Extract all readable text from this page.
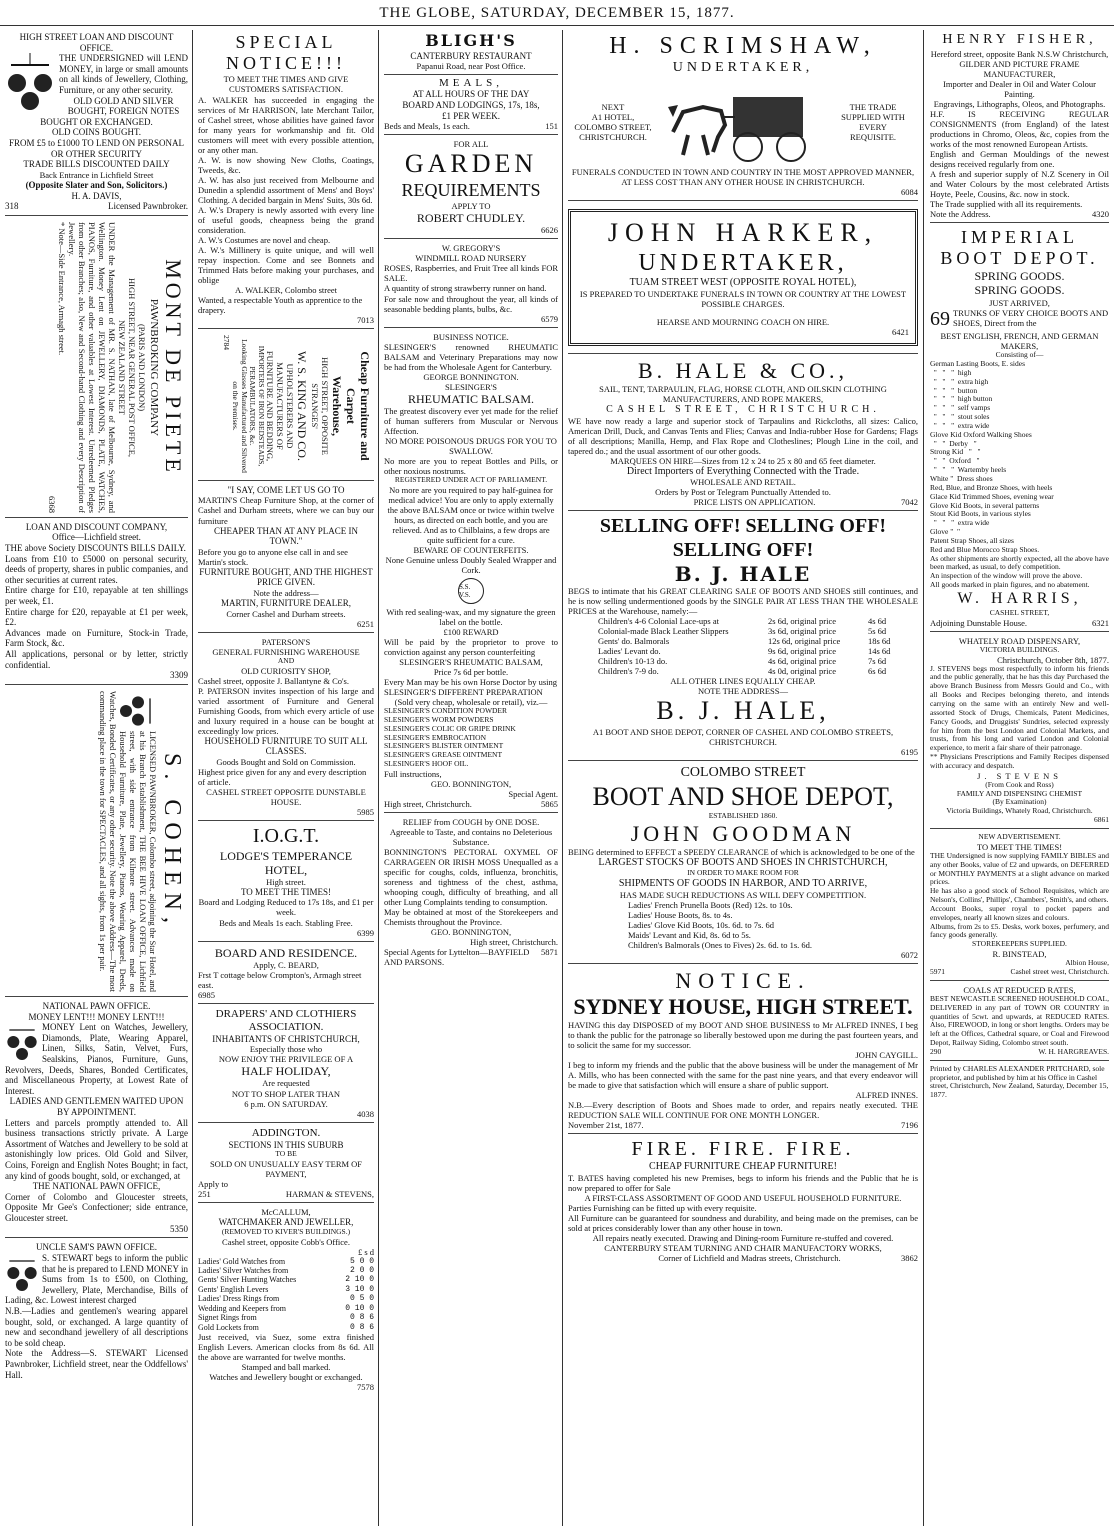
THE GLOBE, SATURDAY, DECEMBER 15, 1877.
HIGH STREET LOAN AND DISCOUNT OFFICE.
THE UNDERSIGNED will LEND MONEY, in large or small amounts on all kinds of Jewellery, Clothing, Furniture, or any other security.
OLD GOLD AND SILVER BOUGHT, FOREIGN NOTES BOUGHT OR EXCHANGED.
OLD COINS BOUGHT.
FROM £5 to £1000 TO LEND ON PERSONAL OR OTHER SECURITY
TRADE BILLS DISCOUNTED DAILY
Back Entrance in Lichfield Street
(Opposite Slater and Son, Solicitors.)
H. A. DAVIS,
318	Licensed Pawnbroker.
MONT DE PIETE
PAWNBROKING COMPANY
(PARIS AND LONDON)
HIGH STREET, NEAR GENERAL POST OFFICE,
NEW ZEALAND STREET
UNDER the Management of MR. S. NATHAN, late of Melbourne, Sydney, and Wellington. Money Lent on JEWELLERY, DIAMONDS, PLATE, WATCHES, PIANOS, Furniture, and other valuables at Lowest Interest. Unredeemed Pledges from other Branches; also, New and Second-hand Clothing and every Description of Jewellery.
* Note—Side Entrance, Armagh street.
6368
LOAN AND DISCOUNT COMPANY,
Office—Lichfield street.
THE above Society DISCOUNTS BILLS DAILY.
Loans from £10 to £5000 on personal security, deeds of property, shares in public companies, and other securities at current rates.
Entire charge for £10, repayable at ten shillings per week, £1.
Entire charge for £20, repayable at £1 per week, £2.
Advances made on Furniture, Stock-in Trade, Farm Stock, &c.
All applications, personal or by letter, strictly confidential.
3309
S. COHEN,
LICENSED PAWNBROKER, Colombo street, adjoining the Star Hotel, and at his Branch Establishment, THE BEE HIVE LOAN OFFICE, Lichfield street, with side entrance from Kilmore street. Advances made on Household Furniture, Plate, Jewellery, Pianos, Wearing Apparel, Deeds, Watches, Bonded Certificates, or any other security. Note the above Address—The most commanding place in the town for SPECTACLES, and all sights, from 1s per pair.
NATIONAL PAWN OFFICE.
MONEY LENT!!! MONEY LENT!!!
MONEY Lent on Watches, Jewellery, Diamonds, Plate, Wearing Apparel, Linen, Silks, Satin, Velvet, Furs, Sealskins, Pianos, Furniture, Guns, Revolvers, Deeds, Shares, Bonded Certificates, and Miscellaneous Property, at Lowest Rate of Interest.
LADIES AND GENTLEMEN WAITED UPON BY APPOINTMENT.
Letters and parcels promptly attended to. All business transactions strictly private. A Large Assortment of Watches and Jewellery to be sold at astonishingly low prices. Old Gold and Silver, Coins, Foreign and English Notes Bought; in fact, any kind of goods bought, sold, or exchanged, at
THE NATIONAL PAWN OFFICE,
Corner of Colombo and Gloucester streets, Opposite Mr Gee's Confectioner; side entrance, Gloucester street.
5350
UNCLE SAM'S PAWN OFFICE.
S. STEWART begs to inform the public that he is prepared to LEND MONEY in Sums from 1s to £500, on Clothing, Jewellery, Plate, Merchandise, Bills of Lading, &c. Lowest interest charged
N.B.—Ladies and gentlemen's wearing apparel bought, sold, or exchanged. A large quantity of new and secondhand jewellery of all descriptions to be sold cheap.
Note the Address—S. STEWART Licensed Pawnbroker, Lichfield street, near the Oddfellows' Hall.
SPECIAL NOTICE!!!
TO MEET THE TIMES AND GIVE CUSTOMERS SATISFACTION.
A. WALKER has succeeded in engaging the services of Mr HARRISON, late Merchant Tailor, of Cashel street, whose abilities have gained favor for many years for workmanship and fit. Old customers will meet with every possible attention, or any other man.
A. W. is now showing New Cloths, Coatings, Tweeds, &c.
A. W. has also just received from Melbourne and Dunedin a splendid assortment of Mens' and Boys' Clothing. A decided bargain in Mens' Suits, 30s 6d.
A. W.'s Drapery is newly assorted with every line of useful goods, cheapness being the grand consideration.
A. W.'s Costumes are novel and cheap.
A. W.'s Millinery is quite unique, and will well repay inspection. Come and see Bonnets and Trimmed Hats before making your purchases, and oblige
A. WALKER, Colombo street
Wanted, a respectable Youth as apprentice to the drapery.
7013
Cheap Furniture and Carpet
Warehouse,
HIGH STREET, OPPOSITE STRANGES'
W. S. KING AND CO.
UPHOLSTERERS AND MANUFACTURERS OF
FURNITURE AND BEDDING,
IMPORTERS OF IRON BEDSTEADS, PERAMBULATORS, &c.
Looking Glasses Manufactured and Silvered on the Premises.
2784
"I SAY, COME LET US GO TO
MARTIN'S Cheap Furniture Shop, at the corner of Cashel and Durham streets, where we can buy our furniture
CHEAPER THAN AT ANY PLACE IN TOWN."
Before you go to anyone else call in and see Martin's stock.
FURNITURE BOUGHT, AND THE HIGHEST PRICE GIVEN.
Note the address—
MARTIN, FURNITURE DEALER,
Corner Cashel and Durham streets.
6251
PATERSON'S
GENERAL FURNISHING WAREHOUSE
AND
OLD CURIOSITY SHOP,
Cashel street, opposite J. Ballantyne & Co's.
P. PATERSON invites inspection of his large and varied assortment of Furniture and General Furnishing Goods, from which every article of use and luxury required in a house can be bought at exceedingly low prices.
HOUSEHOLD FURNITURE TO SUIT ALL CLASSES.
Goods Bought and Sold on Commission.
Highest price given for any and every description of article.
CASHEL STREET OPPOSITE DUNSTABLE HOUSE.
5985
I.O.G.T.
LODGE'S TEMPERANCE HOTEL,
High street.
TO MEET THE TIMES!
Board and Lodging Reduced to 17s 18s, and £1 per week.
Beds and Meals 1s each. Stabling Free.
6399
BOARD AND RESIDENCE.
Apply, C. BEARD,
Frst T cottage below Crompton's, Armagh street east.
6985
DRAPERS' AND CLOTHIERS ASSOCIATION.
INHABITANTS OF CHRISTCHURCH,
Especially those who
NOW ENJOY THE PRIVILEGE OF A
HALF HOLIDAY,
Are requested
NOT TO SHOP LATER THAN
6 p.m. ON SATURDAY.
4038
ADDINGTON.
SECTIONS IN THIS SUBURB
TO BE
SOLD ON UNUSUALLY EASY TERM OF PAYMENT,
Apply to
251	HARMAN & STEVENS,
McCALLUM,
WATCHMAKER AND JEWELLER,
(REMOVED TO KIVER'S BUILDINGS.)
Cashel street, opposite Cobb's Office.
£ s d
Ladies' Gold Watches from	5 0 0
Ladies' Silver Watches from	2 0 0
Gents' Silver Hunting Watches	2 10 0
Gents' English Levers	3 10 0
Ladies' Dress Rings from	0 5 0
Wedding and Keepers from	0 10 0
Signet Rings from	0 8 6
Gold Lockets from	0 8 6
Just received, via Suez, some extra finished English Levers. American clocks from 8s 6d. All the above are warranted for twelve months.
Stamped and ball marked.
Watches and Jewellery bought or exchanged.
7578
BLIGH'S
CANTERBURY RESTAURANT
Papanui Road, near Post Office.
MEALS,
AT ALL HOURS OF THE DAY
BOARD AND LODGINGS, 17s, 18s,
£1 PER WEEK.
Beds and Meals, 1s each.	151
FOR ALL
GARDEN
REQUIREMENTS
APPLY TO
ROBERT CHUDLEY.
6626
W. GREGORY'S
WINDMILL ROAD NURSERY
ROSES, Raspberries, and Fruit Tree all kinds FOR SALE.
A quantity of strong strawberry runner on hand.
For sale now and throughout the year, all kinds of seasonable bedding plants, bulbs, &c.
6579
BUSINESS NOTICE.
SLESINGER'S renowned RHEUMATIC BALSAM and Veterinary Preparations may now be had from the Wholesale Agent for Canterbury.
GEORGE BONNINGTON.
SLESINGER'S
RHEUMATIC BALSAM.
The greatest discovery ever yet made for the relief of human sufferers from Muscular or Nervous Affection.
NO MORE POISONOUS DRUGS FOR YOU TO SWALLOW.
No more are you to repeat Bottles and Pills, or other noxious nostrums.
REGISTERED UNDER ACT OF PARLIAMENT.
No more are you required to pay half-guinea for medical advice! You are only to apply externally the above BALSAM once or twice within twelve hours, as directed on each bottle, and you are relieved. And as to Chilblains, a few drops are quite sufficient for a cure.
BEWARE OF COUNTERFEITS.
None Genuine unless Doubly Sealed Wrapper and Cork.
S.S. V.S.
With red sealing-wax, and my signature the green label on the bottle.
£100 REWARD
Will be paid by the proprietor to prove to conviction against any person counterfeiting
SLESINGER'S RHEUMATIC BALSAM,
Price 7s 6d per bottle.
Every Man may be his own Horse Doctor by using
SLESINGER'S DIFFERENT PREPARATION
(Sold very cheap, wholesale or retail), viz.—
SLESINGER'S CONDITION POWDER
SLESINGER'S WORM POWDERS
SLESINGER'S COLIC OR GRIPE DRINK
SLESINGER'S EMBROCATION
SLESINGER'S BLISTER OINTMENT
SLESINGER'S GREASE OINTMENT
SLESINGER'S HOOF OIL.
Full instructions,
GEO. BONNINGTON,
Special Agent.
High street, Christchurch.	5865
RELIEF from COUGH by ONE DOSE.
Agreeable to Taste, and contains no Deleterious Substance.
BONNINGTON'S PECTORAL OXYMEL OF CARRAGEEN OR IRISH MOSS Unequalled as a specific for coughs, colds, influenza, bronchitis, soreness and tightness of the chest, asthma, whooping cough, difficulty of breathing, and all other Lung Complaints tending to consumption.
May be obtained at most of the Storekeepers and Chemists throughout the Province.
GEO. BONNINGTON,
High street, Christchurch.
Special Agents for Lyttelton—BAYFIELD AND PARSONS.
5871
H. SCRIMSHAW,
UNDERTAKER,
NEXT
A1 HOTEL,
COLOMBO STREET,
CHRISTCHURCH.
THE TRADE
SUPPLIED WITH
EVERY
REQUISITE.
FUNERALS CONDUCTED IN TOWN AND COUNTRY IN THE MOST APPROVED MANNER, AT LESS COST THAN ANY OTHER HOUSE IN CHRISTCHURCH.
6084
JOHN HARKER,
UNDERTAKER,
TUAM STREET WEST (OPPOSITE ROYAL HOTEL),
IS PREPARED TO UNDERTAKE FUNERALS IN TOWN OR COUNTRY AT THE LOWEST POSSIBLE CHARGES.
HEARSE AND MOURNING COACH ON HIRE.
6421
B. HALE & CO.,
SAIL, TENT, TARPAULIN, FLAG, HORSE CLOTH, AND OILSKIN CLOTHING MANUFACTURERS, AND ROPE MAKERS,
CASHEL STREET, CHRISTCHURCH.
WE have now ready a large and superior stock of Tarpaulins and Rickcloths, all sizes: Calico, American Drill, Duck, and Canvas Tents and Flies; Canvas and India-rubber Hose for Gardens; Flags of all descriptions; Manilla, Hemp, and Flax Rope and Clotheslines; Plough Line in the coil, and tapered do.; and the usual assortment of our other goods.
MARQUEES ON HIRE—Sizes from 12 x 24 to 25 x 80 and 65 feet diameter.
Direct Importers of Everything Connected with the Trade.
WHOLESALE AND RETAIL.
Orders by Post or Telegram Punctually Attended to.
PRICE LISTS ON APPLICATION.	7042
SELLING OFF! SELLING OFF! SELLING OFF!
B. J. HALE
BEGS to intimate that his GREAT CLEARING SALE OF BOOTS AND SHOES still continues, and he is now selling undermentioned goods by the SINGLE PAIR AT LESS THAN THE WHOLESALE PRICES at the Warehouse, namely:—
Children's 4-6 Colonial Lace-ups at	2s 6d, original price	4s 6d
Colonial-made Black Leather Slippers	3s 6d, original price	5s 6d
Gents' do. Balmorals	12s 6d, original price	18s 6d
Ladies' Levant do.	9s 6d, original price	14s 6d
Children's 10-13 do.	4s 6d, original price	7s 6d
Children's 7-9 do.	4s 0d, original price	6s 6d
ALL OTHER LINES EQUALLY CHEAP.
NOTE THE ADDRESS—
B. J. HALE,
A1 BOOT AND SHOE DEPOT, CORNER OF CASHEL AND COLOMBO STREETS, CHRISTCHURCH.
6195
COLOMBO STREET
BOOT AND SHOE DEPOT,
ESTABLISHED 1860.
JOHN GOODMAN
BEING determined to EFFECT a SPEEDY CLEARANCE of which is acknowledged to be one of the
LARGEST STOCKS OF BOOTS AND SHOES IN CHRISTCHURCH,
IN ORDER TO MAKE ROOM FOR
SHIPMENTS OF GOODS IN HARBOR, AND TO ARRIVE,
HAS MADE SUCH REDUCTIONS AS WILL DEFY COMPETITION.
Ladies' French Prunella Boots (Red) 12s. to 10s.
Ladies' House Boots, 8s. to 4s.
Ladies' Glove Kid Boots, 10s. 6d. to 7s. 6d
Maids' Levant and Kid, 8s. 6d to 5s.
Children's Balmorals (Ones to Fives) 2s. 6d. to 1s. 6d.
6072
NOTICE.
SYDNEY HOUSE, HIGH STREET.
HAVING this day DISPOSED of my BOOT AND SHOE BUSINESS to Mr ALFRED INNES, I beg to thank the public for the patronage so liberally bestowed upon me during the past fourteen years, and to solicit the same for my successor.
JOHN CAYGILL.
I beg to inform my friends and the public that the above business will be under the management of Mr A. Mills, who has been connected with the same for the past nine years, and that every endeavor will be made to give that satisfaction which will ensure a share of public support.
ALFRED INNES.
N.B.—Every description of Boots and Shoes made to order, and repairs neatly executed. THE REDUCTION SALE WILL CONTINUE FOR ONE MONTH LONGER.
November 21st, 1877.	7196
FIRE. FIRE. FIRE.
CHEAP FURNITURE CHEAP FURNITURE!
T. BATES having completed his new Premises, begs to inform his friends and the Public that he is now prepared to offer for Sale
A FIRST-CLASS ASSORTMENT OF GOOD AND USEFUL HOUSEHOLD FURNITURE.
Parties Furnishing can be fitted up with every requisite.
All Furniture can be guaranteed for soundness and durability, and being made on the premises, can be sold at prices considerably lower than any other house in town.
All repairs neatly executed. Drawing and Dining-room Furniture re-stuffed and covered.
CANTERBURY STEAM TURNING AND CHAIR MANUFACTORY WORKS,
Corner of Lichfield and Madras streets, Christchurch.	3862
HENRY FISHER,
Hereford street, opposite Bank N.S.W Christchurch,
GILDER AND PICTURE FRAME MANUFACTURER,
Importer and Dealer in Oil and Water Colour Painting.
Engravings, Lithographs, Oleos, and Photographs.
H.F. IS RECEIVING REGULAR CONSIGNMENTS (from England) of the latest productions in Chromo, Oleos, &c, copies from the works of the most renowned European Artists.
English and German Mouldings of the newest designs received regularly from one.
A fresh and superior supply of N.Z Scenery in Oil and Water Colours by the most celebrated Artists Hoyte, Peele, Cousins, &c. now in stock.
The Trade supplied with all its requirements.
Note the Address.	4320
IMPERIAL
BOOT DEPOT.
SPRING GOODS.
SPRING GOODS.
JUST ARRIVED,
69 TRUNKS OF VERY CHOICE BOOTS AND SHOES, Direct from the
BEST ENGLISH, FRENCH, AND GERMAN MAKERS,
Consisting of—
German Lasting Boots, E. sides
"   "   "  high
"   "   "  extra high
"   "   "  button
"   "   "  high button
"   "   "  self vamps
"   "   "  stout soles
"   "   "  extra wide
Glove Kid Oxford Walking Shoes
"   "  Derby   "
Strong Kid   "   "
"   "  Oxford   "
"   "   "  Wartemby heels
White "  Dress shoes
Red, Blue, and Bronze Shoes, with heels
Glace Kid Trimmed Shoes, evening wear
Glove Kid Boots, in several patterns
Stout Kid Boots, in various styles
"   "   "  extra wide
Glove "  "
Patent Strap Shoes, all sizes
Red and Blue Morocco Strap Shoes.
As other shipments are shortly expected, all the above have been marked, as usual, to defy competition.
An inspection of the window will prove the above.
All goods marked in plain figures, and no abatement.
W. HARRIS,
CASHEL STREET,
Adjoining Dunstable House.	6321
WHATELY ROAD DISPENSARY,
VICTORIA BUILDINGS.
Christchurch, October 8th, 1877.
J. STEVENS begs most respectfully to inform his friends and the public generally, that he has this day Purchased the above Branch Business from Messrs Gould and Co., with all Books and Recipes belonging thereto, and intends carrying on the same with an entirely New and well-assorted Stock of Drugs, Chemicals, Patent Medicines, Fancy Goods, and Druggists' Sundries, selected expressly for him from the best London and Colonial Markets, and trusts, from his long and varied London and Colonial experience, to merit a fair share of their patronage.
** Physicians Prescriptions and Family Recipes dispensed with accuracy and despatch.
J. STEVENS
(From Cook and Ross)
FAMILY AND DISPENSING CHEMIST
(By Examination)
Victoria Buildings, Whately Road, Christchurch.
6861
NEW ADVERTISEMENT.
TO MEET THE TIMES!
THE Undersigned is now supplying FAMILY BIBLES and any other Books, value of £2 and upwards, on DEFERRED or MONTHLY PAYMENTS at a slight advance on marked prices.
He has also a good stock of School Requisites, which are Nelson's, Collins', Phillips', Chambers', Smith's, and others.
Account Books, super royal to pocket papers and envelopes, nearly all known sizes and colours.
Albums, from 2s to £5. Desks, work boxes, perfumery, and fancy goods generally.
STOREKEEPERS SUPPLIED.
R. BINSTEAD,
Albion House,
5971	Cashel street west, Christchurch.
COALS AT REDUCED RATES,
BEST NEWCASTLE SCREENED HOUSEHOLD COAL, DELIVERED in any part of TOWN OR COUNTRY in quantities of 5cwt. and upwards, at REDUCED RATES. Also, FIREWOOD, in long or short lengths. Orders may be left at the Offices, Cathedral square, or Coal and Firewood Depot, Railway Siding, Colombo street south.
290	W. H. HARGREAVES.
Printed by CHARLES ALEXANDER PRITCHARD, sole proprietor, and published by him at his Office in Cashel street, Christchurch, New Zealand, Saturday, December 15, 1877.
